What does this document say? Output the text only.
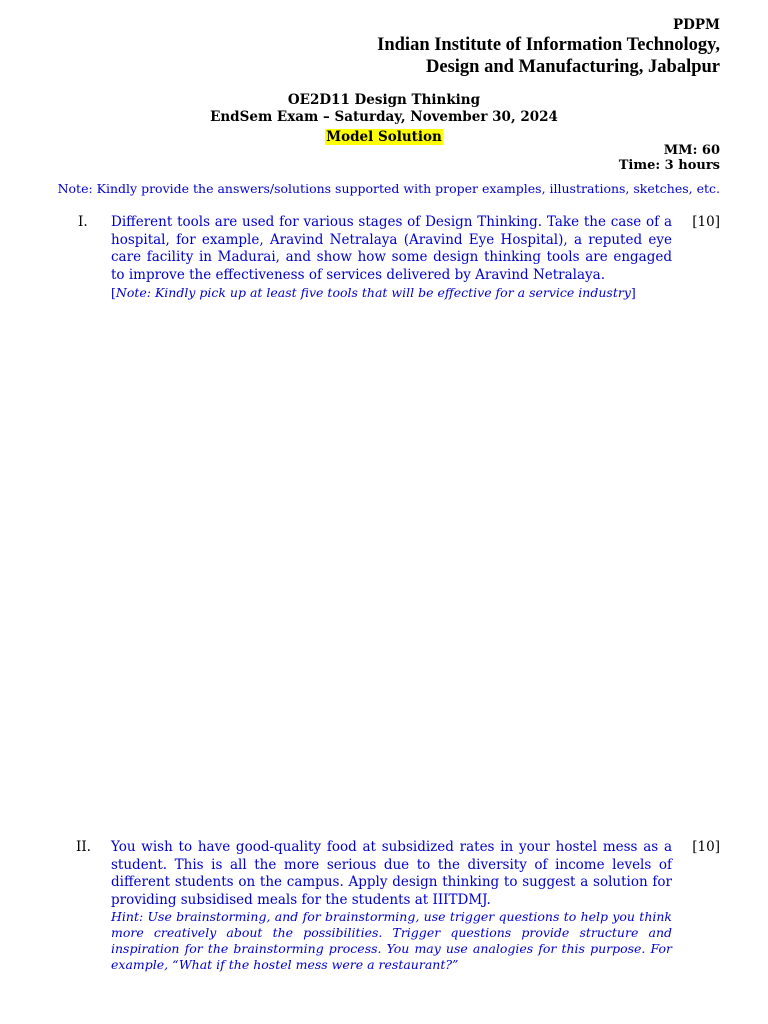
PDPM
Indian Institute of Information Technology,
Design and Manufacturing, Jabalpur
OE2D11 Design Thinking
EndSem Exam – Saturday, November 30, 2024
Model Solution
MM: 60
Time: 3 hours
Note: Kindly provide the answers/solutions supported with proper examples, illustrations, sketches, etc.
I.	[10]

Different tools are used for various stages of Design Thinking. Take the case of a hospital, for example, Aravind Netralaya (Aravind Eye Hospital), a reputed eye care facility in Madurai, and show how some design thinking tools are engaged to improve the effectiveness of services delivered by Aravind Netralaya.

[Note: Kindly pick up at least five tools that will be effective for a service industry]
II.	[10]

You wish to have good-quality food at subsidized rates in your hostel mess as a student. This is all the more serious due to the diversity of income levels of different students on the campus. Apply design thinking to suggest a solution for providing subsidised meals for the students at IIITDMJ.

Hint: Use brainstorming, and for brainstorming, use trigger questions to help you think more creatively about the possibilities. Trigger questions provide structure and inspiration for the brainstorming process. You may use analogies for this purpose. For example, “What if the hostel mess were a restaurant?”
